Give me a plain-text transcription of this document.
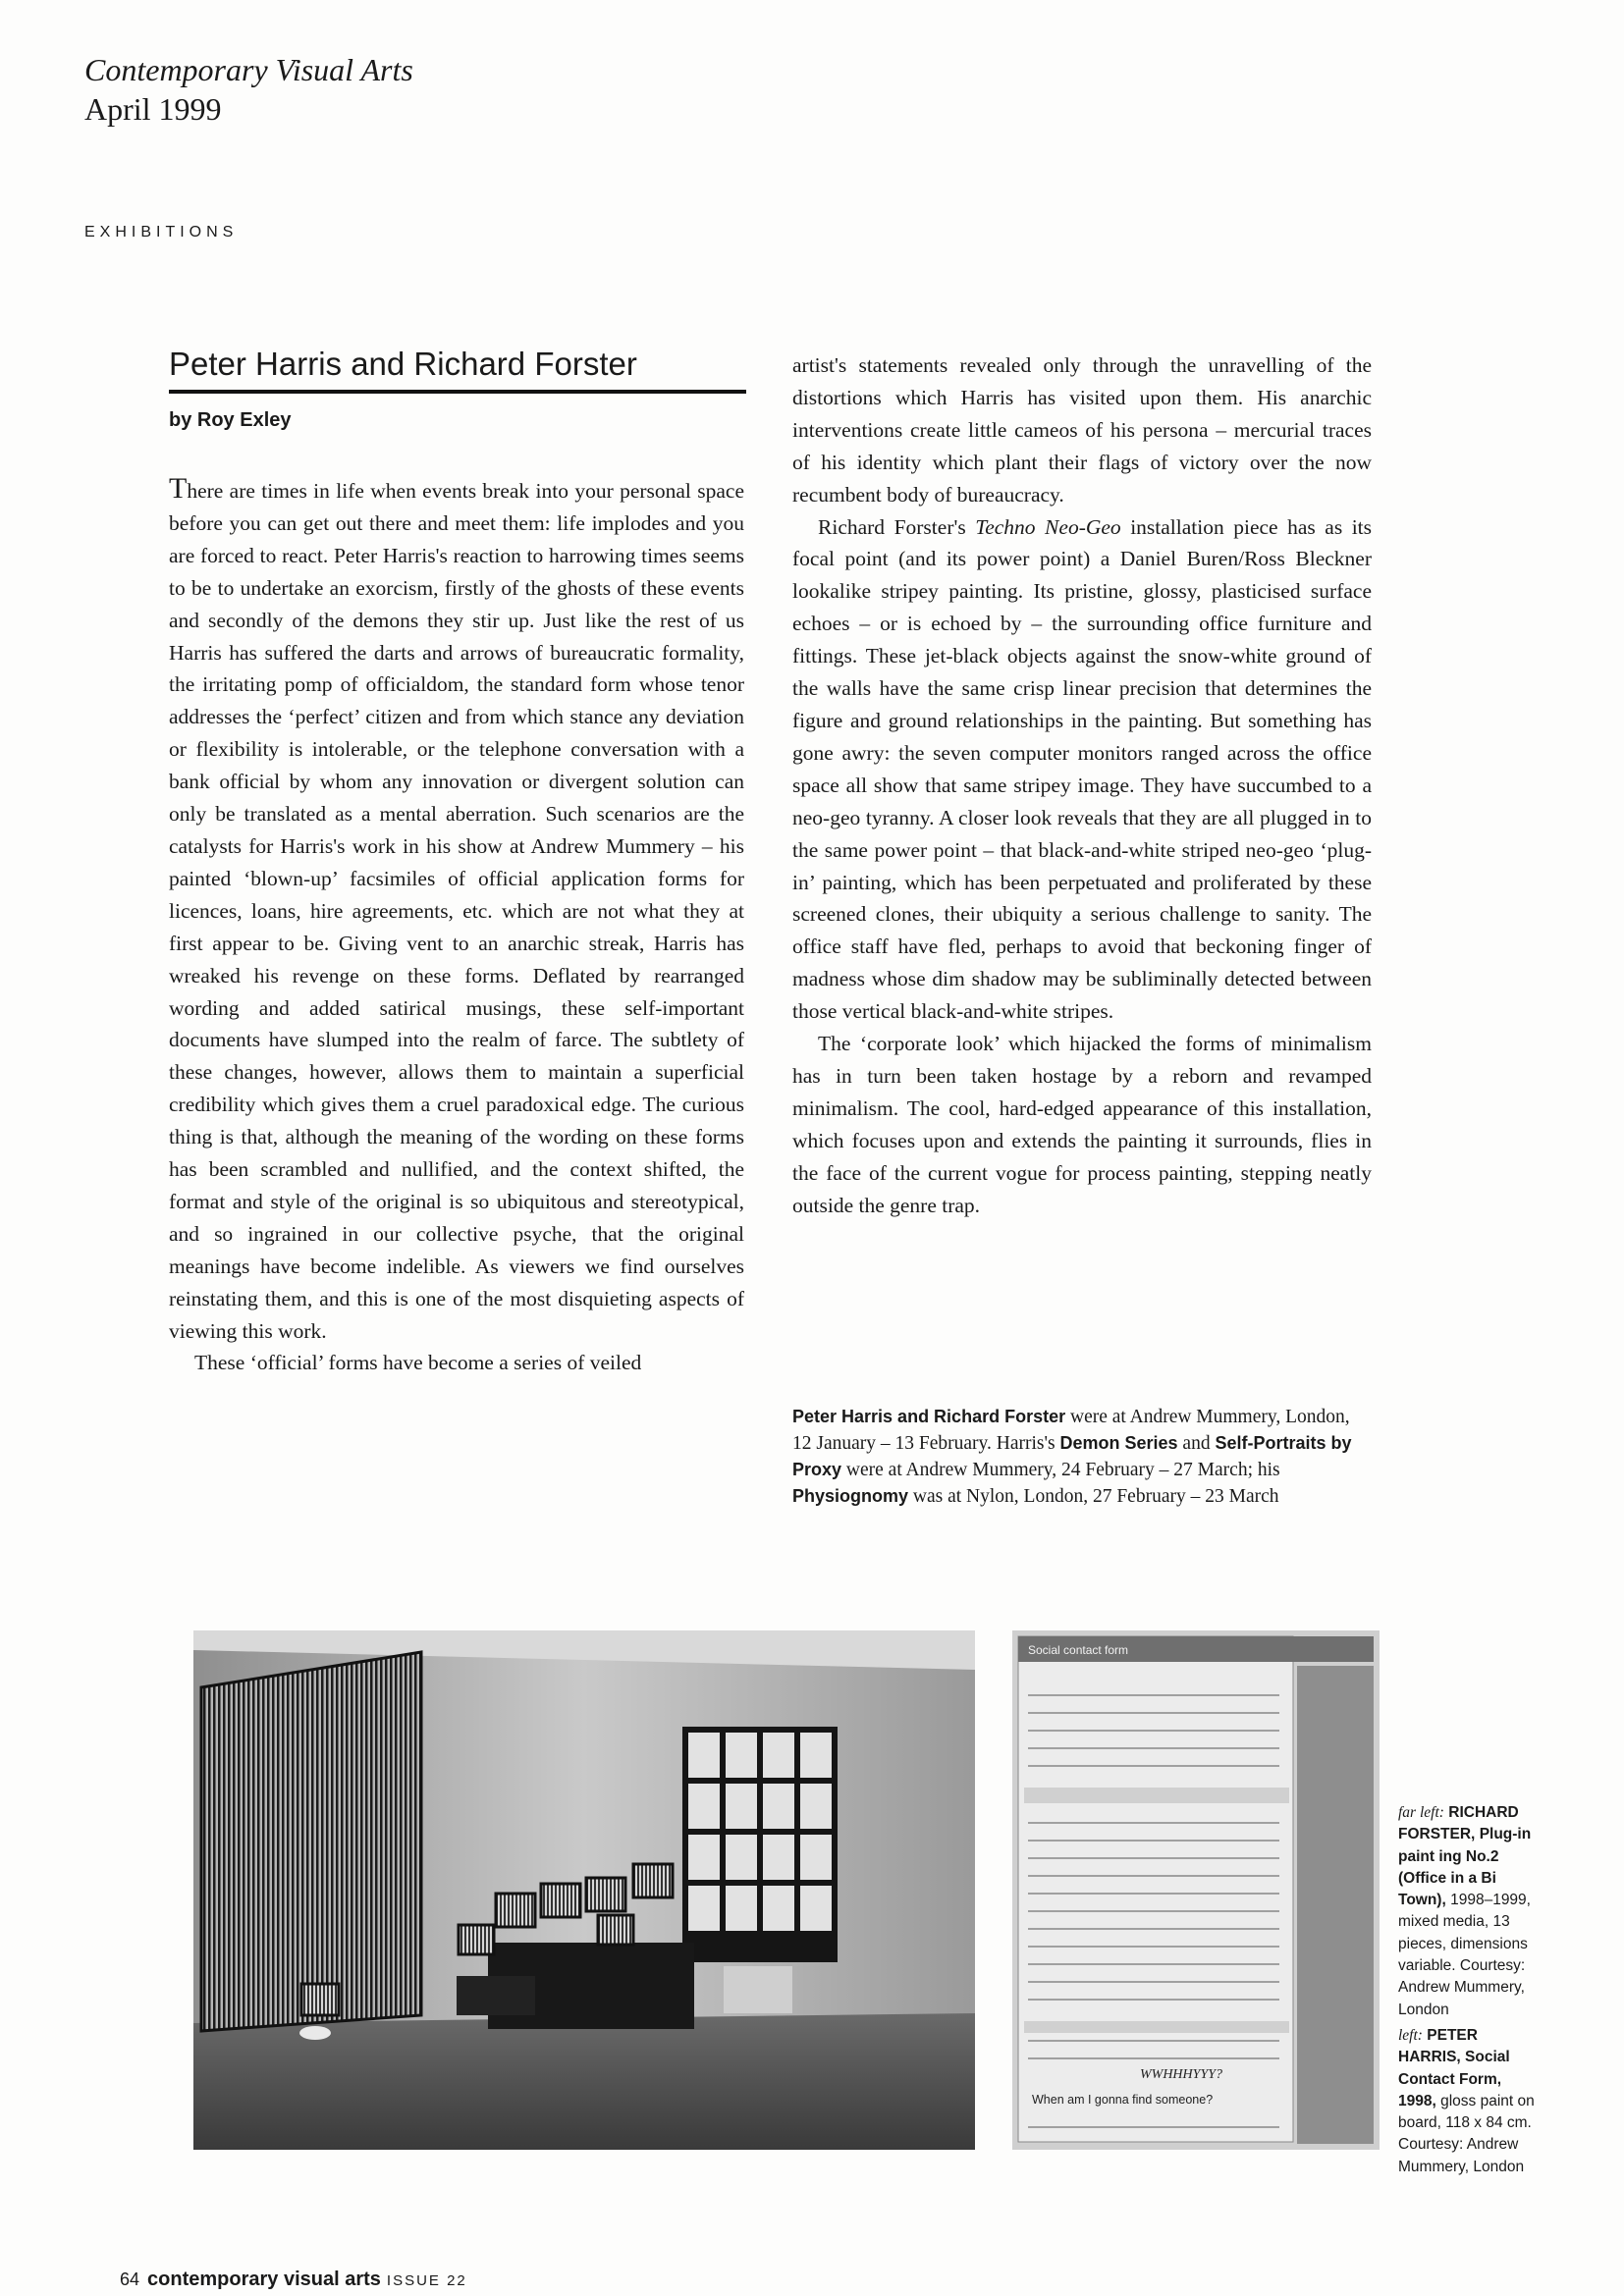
Contemporary Visual Arts
April 1999
EXHIBITIONS
Peter Harris and Richard Forster
by Roy Exley

There are times in life when events break into your personal space before you can get out there and meet them: life implodes and you are forced to react. Peter Harris's reaction to harrowing times seems to be to undertake an exorcism, firstly of the ghosts of these events and secondly of the demons they stir up. Just like the rest of us Harris has suffered the darts and arrows of bureaucratic formality, the irritating pomp of officialdom, the standard form whose tenor addresses the ‘perfect’ citizen and from which stance any deviation or flexibility is intolerable, or the telephone conversation with a bank official by whom any innovation or divergent solution can only be translated as a mental aberration. Such scenarios are the catalysts for Harris's work in his show at Andrew Mummery – his painted ‘blown-up’ facsimiles of official application forms for licences, loans, hire agreements, etc. which are not what they at first appear to be. Giving vent to an anarchic streak, Harris has wreaked his revenge on these forms. Deflated by rearranged wording and added satirical musings, these self-important documents have slumped into the realm of farce. The subtlety of these changes, however, allows them to maintain a superficial credibility which gives them a cruel paradoxical edge. The curious thing is that, although the meaning of the wording on these forms has been scrambled and nullified, and the context shifted, the format and style of the original is so ubiquitous and stereotypical, and so ingrained in our collective psyche, that the original meanings have become indelible. As viewers we find ourselves reinstating them, and this is one of the most disquieting aspects of viewing this work.

These ‘official’ forms have become a series of veiled

artist's statements revealed only through the unravelling of the distortions which Harris has visited upon them. His anarchic interventions create little cameos of his persona – mercurial traces of his identity which plant their flags of victory over the now recumbent body of bureaucracy.

Richard Forster's Techno Neo-Geo installation piece has as its focal point (and its power point) a Daniel Buren/Ross Bleckner lookalike stripey painting. Its pristine, glossy, plasticised surface echoes – or is echoed by – the surrounding office furniture and fittings. These jet-black objects against the snow-white ground of the walls have the same crisp linear precision that determines the figure and ground relationships in the painting. But something has gone awry: the seven computer monitors ranged across the office space all show that same stripey image. They have succumbed to a neo-geo tyranny. A closer look reveals that they are all plugged in to the same power point – that black-and-white striped neo-geo ‘plug-in’ painting, which has been perpetuated and proliferated by these screened clones, their ubiquity a serious challenge to sanity. The office staff have fled, perhaps to avoid that beckoning finger of madness whose dim shadow may be subliminally detected between those vertical black-and-white stripes.

The ‘corporate look’ which hijacked the forms of minimalism has in turn been taken hostage by a reborn and revamped minimalism. The cool, hard-edged appearance of this installation, which focuses upon and extends the painting it surrounds, flies in the face of the current vogue for process painting, stepping neatly outside the genre trap.

Peter Harris and Richard Forster were at Andrew Mummery, London, 12 January – 13 February. Harris's Demon Series and Self-Portraits by Proxy were at Andrew Mummery, 24 February – 27 March; his Physiognomy was at Nylon, London, 27 February – 23 March
Social contact form
WWHHHYYY?
When am I gonna find someone?
far left: RICHARD FORSTER, Plug-in paint ing No.2 (Office in a Bi Town), 1998–1999, mixed media, 13 pieces, dimensions variable. Courtesy: Andrew Mummery, London
left: PETER HARRIS, Social Contact Form, 1998, gloss paint on board, 118 x 84 cm. Courtesy: Andrew Mummery, London
64 contemporary visual arts ISSUE 22
